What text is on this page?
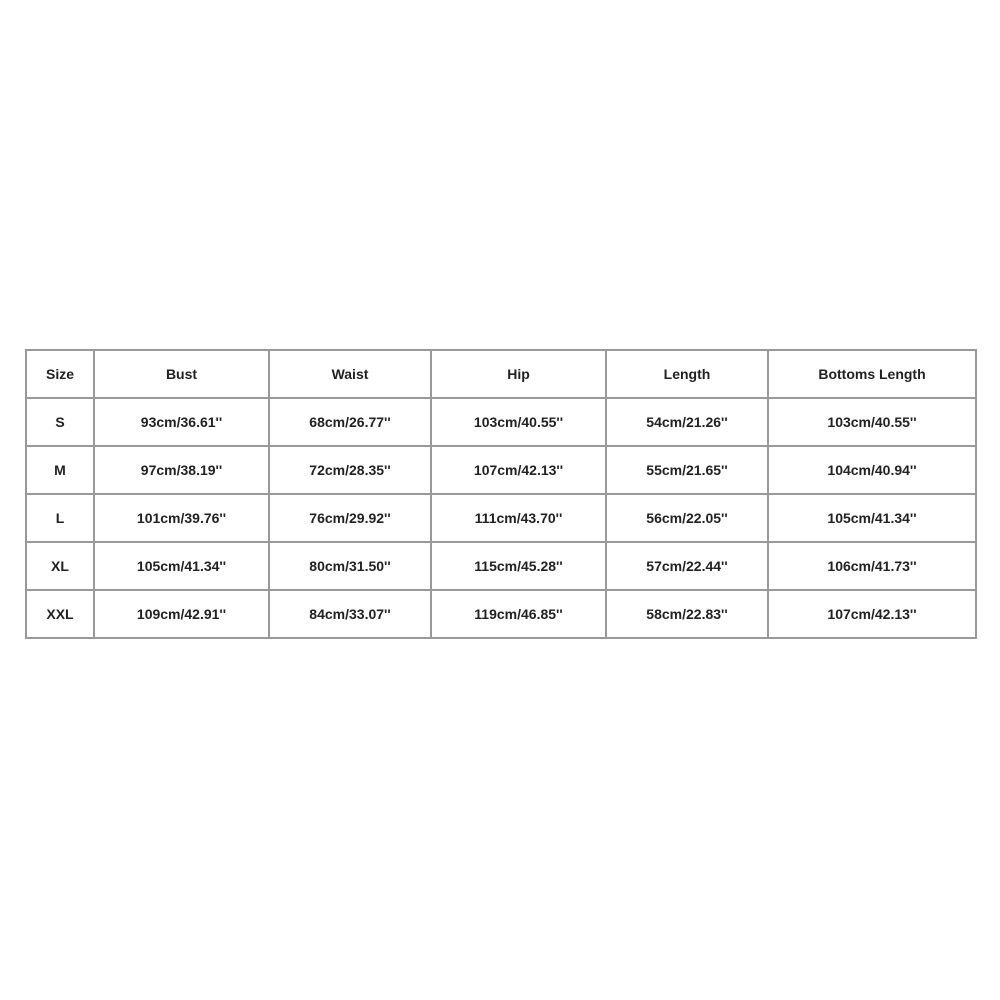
Size	Bust	Waist	Hip	Length	Bottoms Length
S	93cm/36.61''	68cm/26.77''	103cm/40.55''	54cm/21.26''	103cm/40.55''
M	97cm/38.19''	72cm/28.35''	107cm/42.13''	55cm/21.65''	104cm/40.94''
L	101cm/39.76''	76cm/29.92''	111cm/43.70''	56cm/22.05''	105cm/41.34''
XL	105cm/41.34''	80cm/31.50''	115cm/45.28''	57cm/22.44''	106cm/41.73''
XXL	109cm/42.91''	84cm/33.07''	119cm/46.85''	58cm/22.83''	107cm/42.13''
